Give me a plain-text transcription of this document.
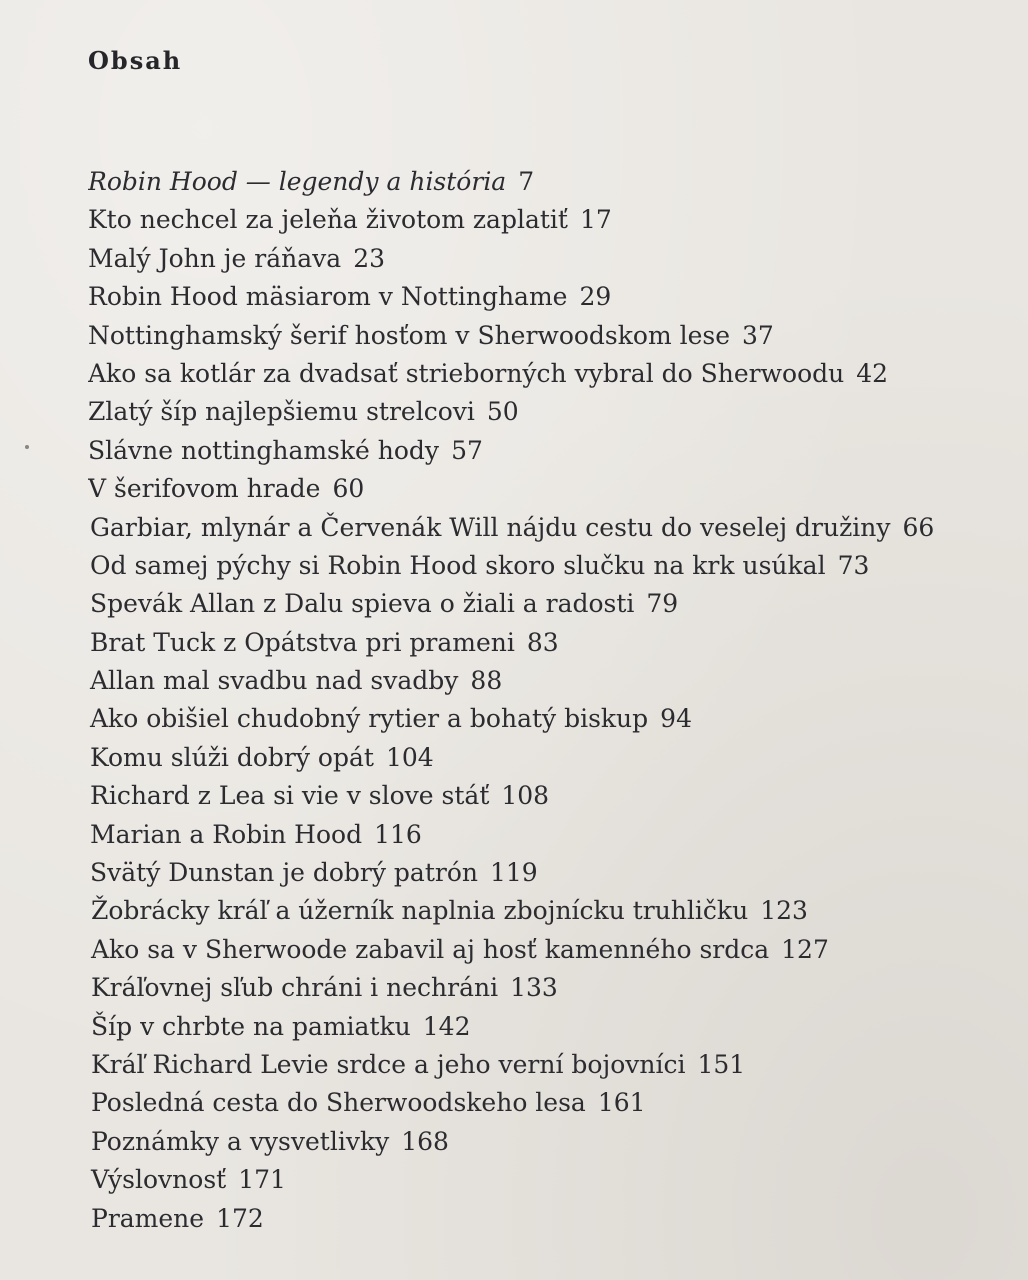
Obsah
Robin Hood — legendy a história 7
Kto nechcel za jeleňa životom zaplatiť 17
Malý John je ráňava 23
Robin Hood mäsiarom v Nottinghame 29
Nottinghamský šerif hosťom v Sherwoodskom lese 37
Ako sa kotlár za dvadsať strieborných vybral do Sherwoodu 42
Zlatý šíp najlepšiemu strelcovi 50
Slávne nottinghamské hody 57
V šerifovom hrade 60
Garbiar, mlynár a Červenák Will nájdu cestu do veselej družiny 66
Od samej pýchy si Robin Hood skoro slučku na krk usúkal 73
Spevák Allan z Dalu spieva o žiali a radosti 79
Brat Tuck z Opátstva pri prameni 83
Allan mal svadbu nad svadby 88
Ako obišiel chudobný rytier a bohatý biskup 94
Komu slúži dobrý opát 104
Richard z Lea si vie v slove stáť 108
Marian a Robin Hood 116
Svätý Dunstan je dobrý patrón 119
Žobrácky kráľ a úžerník naplnia zbojnícku truhličku 123
Ako sa v Sherwoode zabavil aj hosť kamenného srdca 127
Kráľovnej sľub chráni i nechráni 133
Šíp v chrbte na pamiatku 142
Kráľ Richard Levie srdce a jeho verní bojovníci 151
Posledná cesta do Sherwoodskeho lesa 161
Poznámky a vysvetlivky 168
Výslovnosť 171
Pramene 172
